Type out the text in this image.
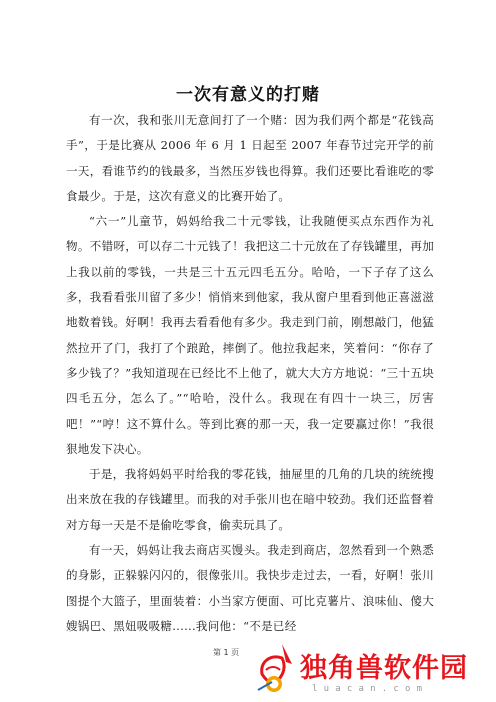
一次有意义的打赌

有一次，我和张川无意间打了一个赌：因为我们两个都是“花钱高手”，于是比赛从 2006 年 6 月 1 日起至 2007 年春节过完开学的前一天，看谁节约的钱最多，当然压岁钱也得算。我们还要比看谁吃的零食最少。于是，这次有意义的比赛开始了。

“六一”儿童节，妈妈给我二十元零钱，让我随便买点东西作为礼物。不错呀，可以存二十元钱了！我把这二十元放在了存钱罐里，再加上我以前的零钱，一共是三十五元四毛五分。哈哈，一下子存了这么多，我看看张川留了多少！悄悄来到他家，我从窗户里看到他正喜滋滋地数着钱。好啊！我再去看看他有多少。我走到门前，刚想敲门，他猛然拉开了门，我打了个踉跄，摔倒了。他拉我起来，笑着问：“你存了多少钱了？”我知道现在已经比不上他了，就大大方方地说：“三十五块四毛五分，怎么了。”“哈哈，没什么。我现在有四十一块三，厉害吧！”“哼！这不算什么。等到比赛的那一天，我一定要赢过你！”我很狠地发下决心。

于是，我将妈妈平时给我的零花钱，抽屉里的几角的几块的统统搜出来放在我的存钱罐里。而我的对手张川也在暗中较劲。我们还监督着对方每一天是不是偷吃零食，偷卖玩具了。

有一天，妈妈让我去商店买馒头。我走到商店，忽然看到一个熟悉的身影，正躲躲闪闪的，很像张川。我快步走过去，一看，好啊！张川图提个大篮子，里面装着：小当家方便面、可比克薯片、浪味仙、傻大嫂锅巴、黑妞吸吸糖......我问他：“不是已经

第 1 页
独角兽软件园
luacan.com
